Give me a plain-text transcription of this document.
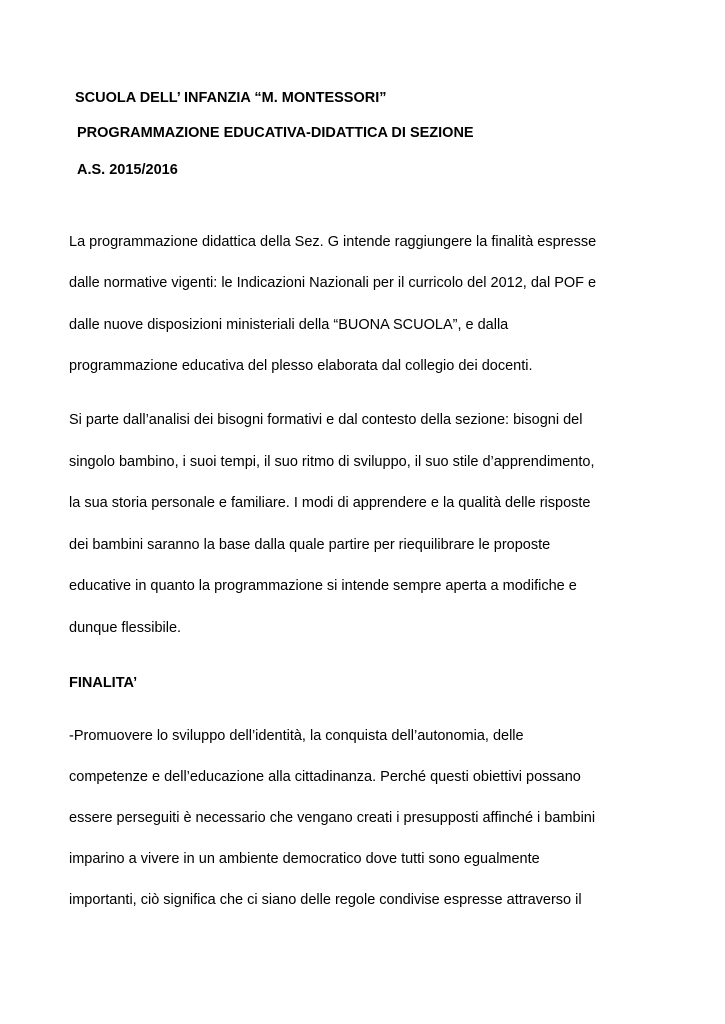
SCUOLA DELL’ INFANZIA “M. MONTESSORI”
PROGRAMMAZIONE EDUCATIVA-DIDATTICA DI SEZIONE
A.S. 2015/2016
La programmazione didattica della Sez. G intende raggiungere la finalità espresse
dalle normative vigenti: le Indicazioni Nazionali per il curricolo del 2012, dal POF e
dalle nuove disposizioni ministeriali della “BUONA SCUOLA”, e dalla
programmazione educativa del plesso elaborata dal collegio dei docenti.
Si parte dall’analisi dei bisogni formativi e dal contesto della sezione: bisogni del
singolo bambino, i suoi tempi, il suo ritmo di sviluppo, il suo stile d’apprendimento,
la sua storia personale e familiare. I modi di apprendere e la qualità delle risposte
dei bambini saranno la base dalla quale partire per riequilibrare le proposte
educative in quanto la programmazione si intende sempre aperta a modifiche e
dunque flessibile.
FINALITA’
-Promuovere lo sviluppo dell’identità, la conquista dell’autonomia, delle
competenze e dell’educazione alla cittadinanza. Perché questi obiettivi possano
essere perseguiti è necessario che vengano creati i presupposti affinché i bambini
imparino a vivere in un ambiente democratico dove tutti sono egualmente
importanti, ciò significa che ci siano delle regole condivise espresse attraverso il
